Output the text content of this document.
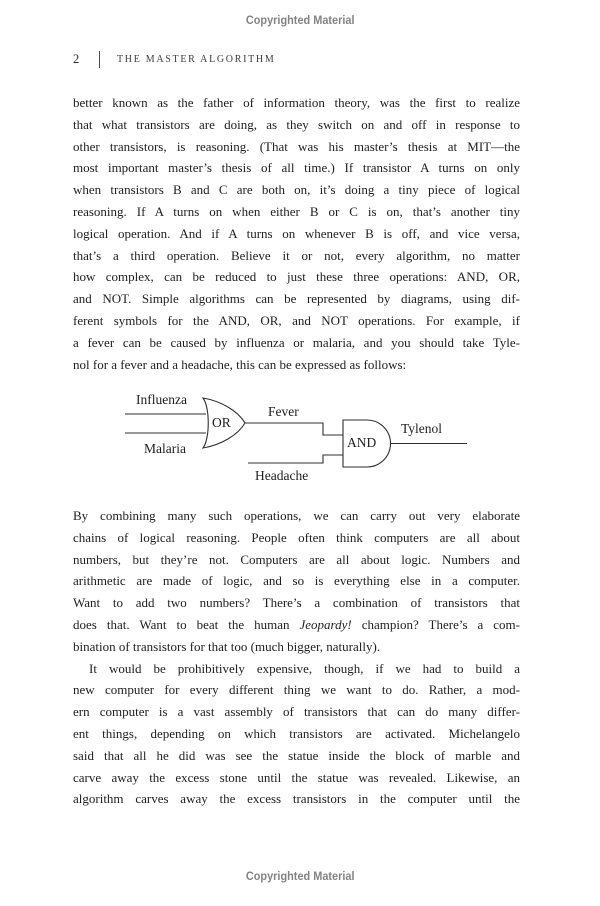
Copyrighted Material
2	THE MASTER ALGORITHM
better known as the father of information theory, was the first to realize
that what transistors are doing, as they switch on and off in response to
other transistors, is reasoning. (That was his master’s thesis at MIT—the
most important master’s thesis of all time.) If transistor A turns on only
when transistors B and C are both on, it’s doing a tiny piece of logical
reasoning. If A turns on when either B or C is on, that’s another tiny
logical operation. And if A turns on whenever B is off, and vice versa,
that’s a third operation. Believe it or not, every algorithm, no matter
how complex, can be reduced to just these three operations: AND, OR,
and NOT. Simple algorithms can be represented by diagrams, using dif-
ferent symbols for the AND, OR, and NOT operations. For example, if
a fever can be caused by influenza or malaria, and you should take Tyle-
nol for a fever and a headache, this can be expressed as follows:
By combining many such operations, we can carry out very elaborate
chains of logical reasoning. People often think computers are all about
numbers, but they’re not. Computers are all about logic. Numbers and
arithmetic are made of logic, and so is everything else in a computer.
Want to add two numbers? There’s a combination of transistors that
does that. Want to beat the human Jeopardy! champion? There’s a com-
bination of transistors for that too (much bigger, naturally).
It would be prohibitively expensive, though, if we had to build a
new computer for every different thing we want to do. Rather, a mod-
ern computer is a vast assembly of transistors that can do many differ-
ent things, depending on which transistors are activated. Michelangelo
said that all he did was see the statue inside the block of marble and
carve away the excess stone until the statue was revealed. Likewise, an
algorithm carves away the excess transistors in the computer until the
Influenza
Malaria
OR
Fever
Headache
AND
Tylenol
Copyrighted Material
